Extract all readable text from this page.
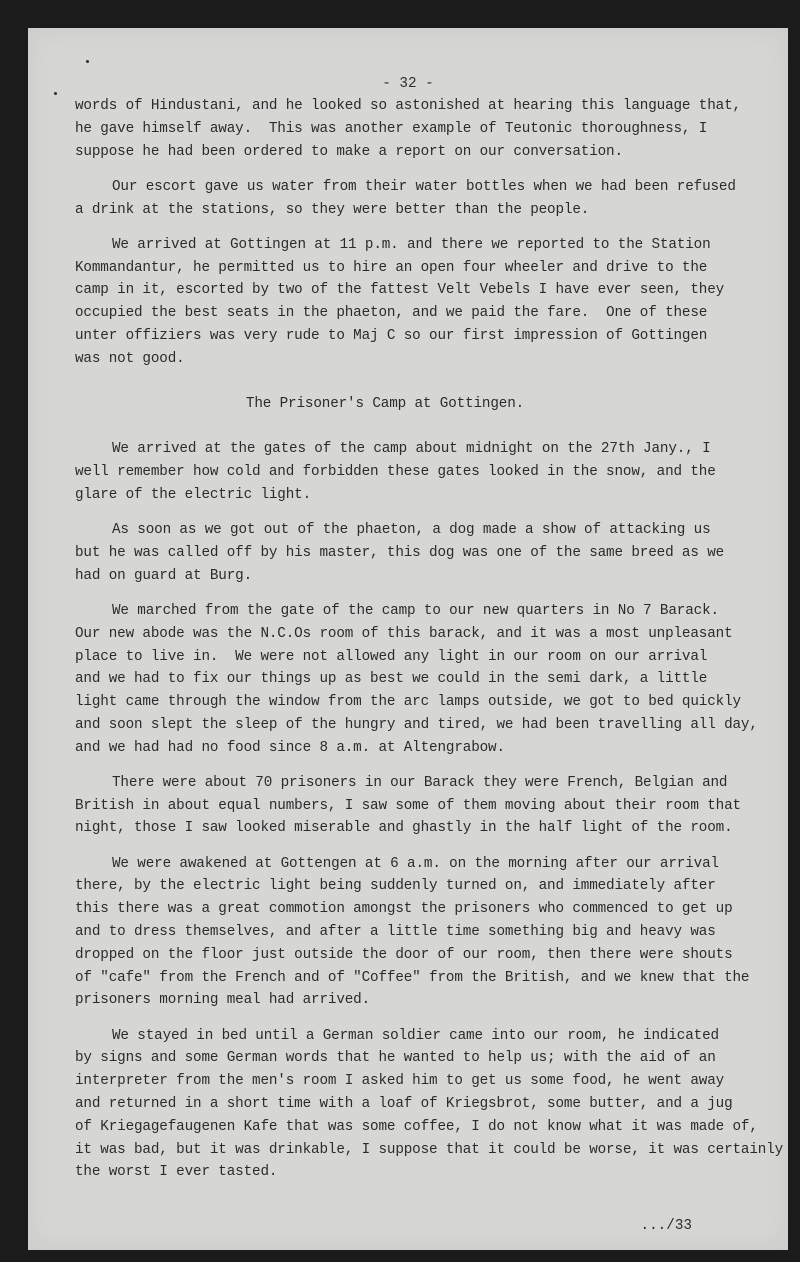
- 32 -
.../33
words of Hindustani, and he looked so astonished at hearing this language that,
he gave himself away.  This was another example of Teutonic thoroughness, I
suppose he had been ordered to make a report on our conversation.
Our escort gave us water from their water bottles when we had been refused
a drink at the stations, so they were better than the people.
We arrived at Gottingen at 11 p.m. and there we reported to the Station
Kommandantur, he permitted us to hire an open four wheeler and drive to the
camp in it, escorted by two of the fattest Velt Vebels I have ever seen, they
occupied the best seats in the phaeton, and we paid the fare.  One of these
unter offiziers was very rude to Maj C so our first impression of Gottingen
was not good.
The Prisoner's Camp at Gottingen.
We arrived at the gates of the camp about midnight on the 27th Jany., I
well remember how cold and forbidden these gates looked in the snow, and the
glare of the electric light.
As soon as we got out of the phaeton, a dog made a show of attacking us
but he was called off by his master, this dog was one of the same breed as we
had on guard at Burg.
We marched from the gate of the camp to our new quarters in No 7 Barack.
Our new abode was the N.C.Os room of this barack, and it was a most unpleasant
place to live in.  We were not allowed any light in our room on our arrival
and we had to fix our things up as best we could in the semi dark, a little
light came through the window from the arc lamps outside, we got to bed quickly
and soon slept the sleep of the hungry and tired, we had been travelling all day,
and we had had no food since 8 a.m. at Altengrabow.
There were about 70 prisoners in our Barack they were French, Belgian and
British in about equal numbers, I saw some of them moving about their room that
night, those I saw looked miserable and ghastly in the half light of the room.
We were awakened at Gottengen at 6 a.m. on the morning after our arrival
there, by the electric light being suddenly turned on, and immediately after
this there was a great commotion amongst the prisoners who commenced to get up
and to dress themselves, and after a little time something big and heavy was
dropped on the floor just outside the door of our room, then there were shouts
of "cafe" from the French and of "Coffee" from the British, and we knew that the
prisoners morning meal had arrived.
We stayed in bed until a German soldier came into our room, he indicated
by signs and some German words that he wanted to help us; with the aid of an
interpreter from the men's room I asked him to get us some food, he went away
and returned in a short time with a loaf of Kriegsbrot, some butter, and a jug
of Kriegagefaugenen Kafe that was some coffee, I do not know what it was made of,
it was bad, but it was drinkable, I suppose that it could be worse, it was certainly
the worst I ever tasted.
